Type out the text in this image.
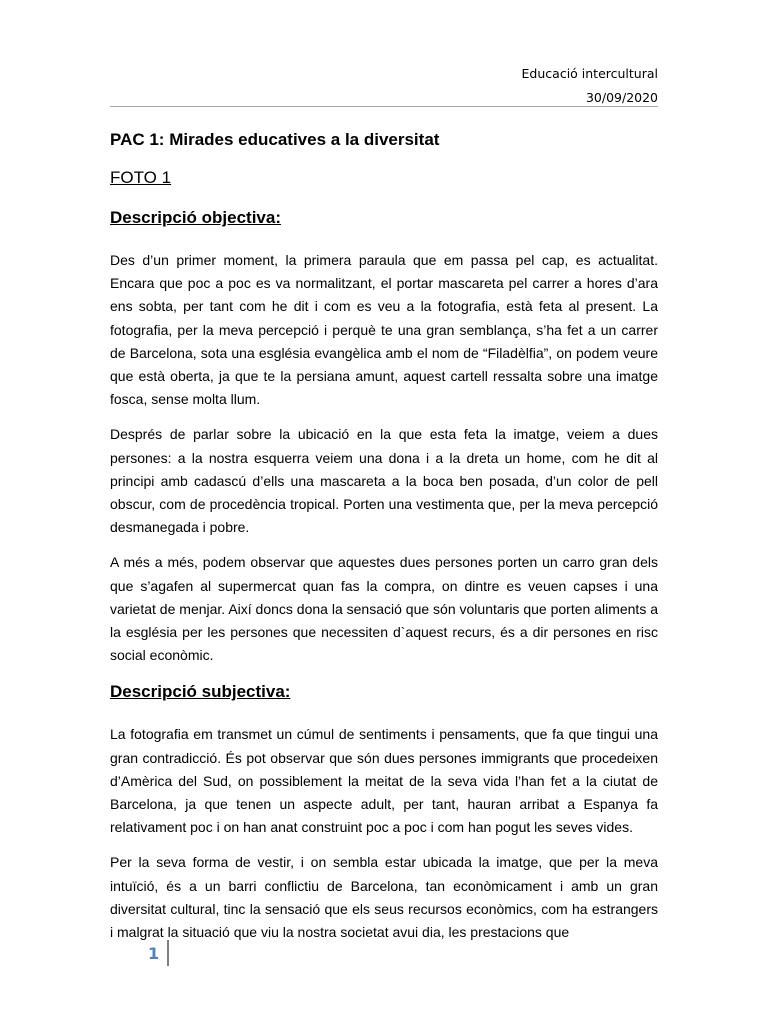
Educació intercultural
30/09/2020
PAC 1: Mirades educatives a la diversitat
FOTO 1
Descripció objectiva:

Des d’un primer moment, la primera paraula que em passa pel cap, es actualitat. Encara que poc a poc es va normalitzant, el portar mascareta pel carrer a hores d’ara ens sobta, per tant com he dit i com es veu a la fotografia, està feta al present. La fotografia, per la meva percepció i perquè te una gran semblança, s’ha fet a un carrer de Barcelona, sota una església evangèlica amb el nom de “Filadèlfia”, on podem veure que està oberta, ja que te la persiana amunt, aquest cartell ressalta sobre una imatge fosca, sense molta llum.

Després de parlar sobre la ubicació en la que esta feta la imatge, veiem a dues persones: a la nostra esquerra veiem una dona i a la dreta un home, com he dit al principi amb cadascú d’ells una mascareta a la boca ben posada, d’un color de pell obscur, com de procedència tropical. Porten una vestimenta que, per la meva percepció desmanegada i pobre.

A més a més, podem observar que aquestes dues persones porten un carro gran dels que s’agafen al supermercat quan fas la compra, on dintre es veuen capses i una varietat de menjar. Així doncs dona la sensació que són voluntaris que porten aliments a la església per les persones que necessiten d`aquest recurs, és a dir persones en risc social econòmic.

Descripció subjectiva:

La fotografia em transmet un cúmul de sentiments i pensaments, que fa que tingui una gran contradicció. És pot observar que són dues persones immigrants que procedeixen d’Amèrica del Sud, on possiblement la meitat de la seva vida l’han fet a la ciutat de Barcelona, ja que tenen un aspecte adult, per tant, hauran arribat a Espanya fa relativament poc i on han anat construint poc a poc i com han pogut les seves vides.

Per la seva forma de vestir, i on sembla estar ubicada la imatge, que per la meva intuïció, és a un barri conflictiu de Barcelona, tan econòmicament i amb un gran diversitat cultural, tinc la sensació que els seus recursos econòmics, com ha estrangers i malgrat la situació que viu la nostra societat avui dia, les prestacions que

1
